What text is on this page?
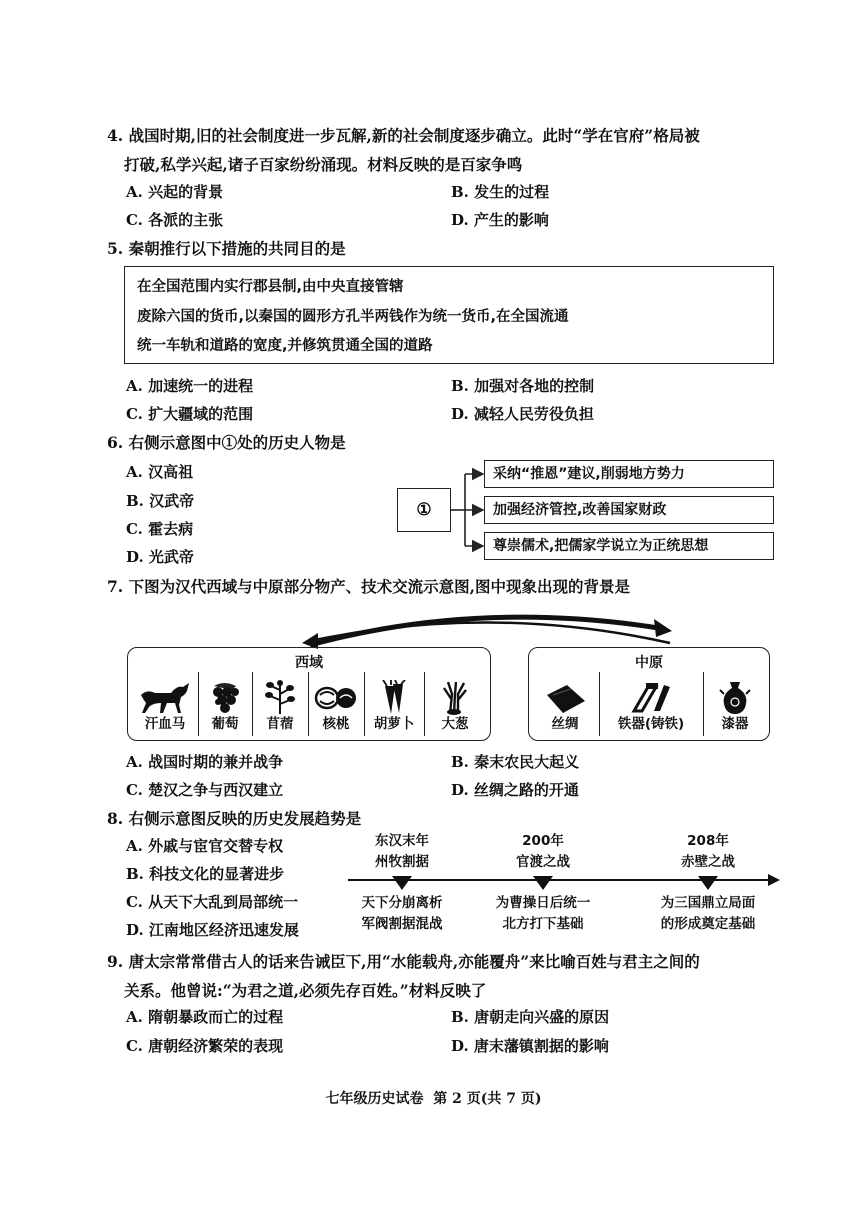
4. 战国时期,旧的社会制度进一步瓦解,新的社会制度逐步确立。此时“学在官府”格局被
打破,私学兴起,诸子百家纷纷涌现。材料反映的是百家争鸣
A. 兴起的背景	B. 发生的过程
C. 各派的主张	D. 产生的影响
5. 秦朝推行以下措施的共同目的是
在全国范围内实行郡县制,由中央直接管辖
废除六国的货币,以秦国的圆形方孔半两钱作为统一货币,在全国流通
统一车轨和道路的宽度,并修筑贯通全国的道路
A. 加速统一的进程	B. 加强对各地的控制
C. 扩大疆域的范围	D. 减轻人民劳役负担
6. 右侧示意图中①处的历史人物是
A. 汉高祖
B. 汉武帝
C. 霍去病
D. 光武帝
①
采纳“推恩”建议,削弱地方势力
加强经济管控,改善国家财政
尊崇儒术,把儒家学说立为正统思想
7. 下图为汉代西域与中原部分物产、技术交流示意图,图中现象出现的背景是
西域
汗血马	葡萄	苜蓿	核桃	胡萝卜	大葱
中原
丝绸	铁器(铸铁)	漆器
A. 战国时期的兼并战争	B. 秦末农民大起义
C. 楚汉之争与西汉建立	D. 丝绸之路的开通
8. 右侧示意图反映的历史发展趋势是
A. 外戚与宦官交替专权
B. 科技文化的显著进步
C. 从天下大乱到局部统一
D. 江南地区经济迅速发展
东汉末年
州牧割据
200年
官渡之战
208年
赤壁之战
天下分崩离析
军阀割据混战
为曹操日后统一
北方打下基础
为三国鼎立局面
的形成奠定基础
9. 唐太宗常常借古人的话来告诫臣下,用“水能载舟,亦能覆舟”来比喻百姓与君主之间的
关系。他曾说:“为君之道,必须先存百姓。”材料反映了
A. 隋朝暴政而亡的过程	B. 唐朝走向兴盛的原因
C. 唐朝经济繁荣的表现	D. 唐末藩镇割据的影响
七年级历史试卷  第 2 页(共 7 页)
